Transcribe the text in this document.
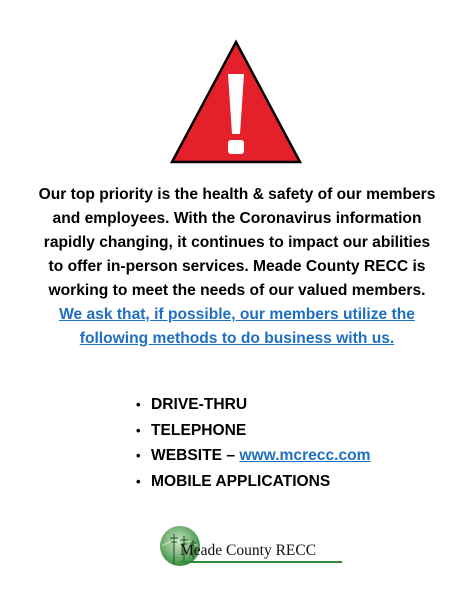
Our top priority is the health & safety of our members
and employees. With the Coronavirus information
rapidly changing, it continues to impact our abilities
to offer in-person services. Meade County RECC is
working to meet the needs of our valued members.
We ask that, if possible, our members utilize the
following methods to do business with us.

• DRIVE-THRU
• TELEPHONE
• WEBSITE – www.mcrecc.com
• MOBILE APPLICATIONS
Meade County RECC
